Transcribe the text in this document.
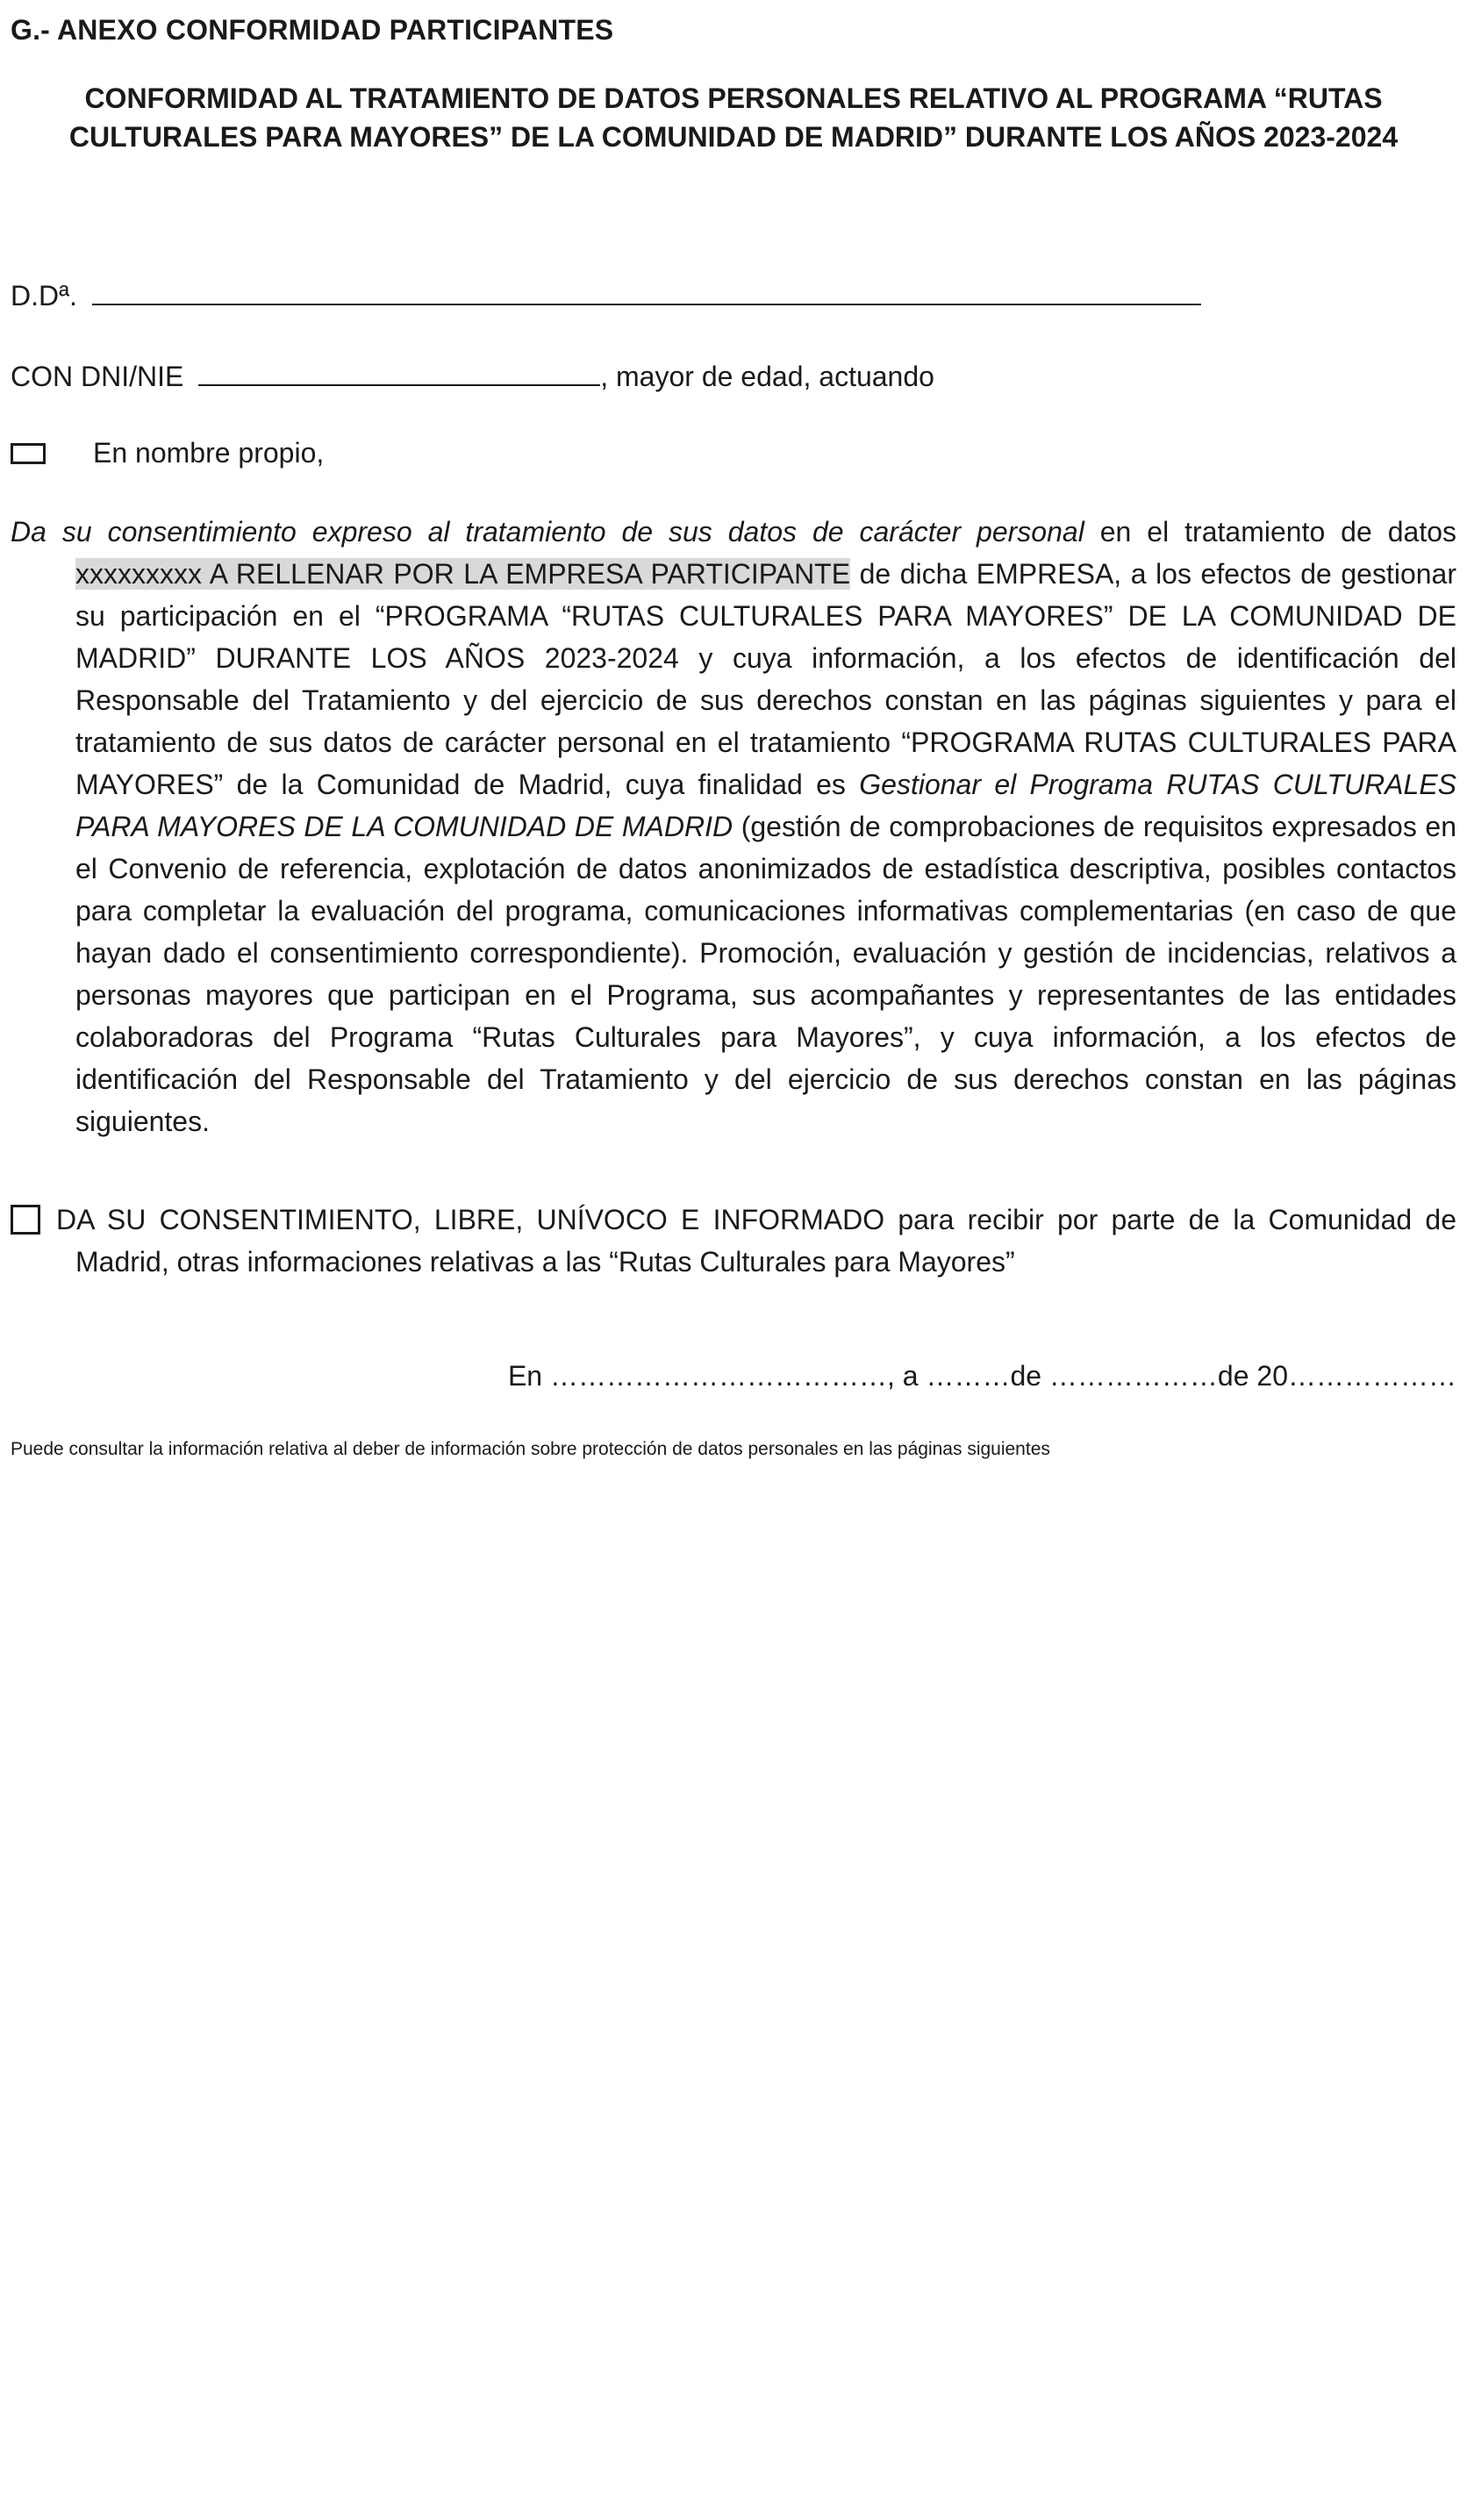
G.- ANEXO CONFORMIDAD PARTICIPANTES
CONFORMIDAD AL TRATAMIENTO DE DATOS PERSONALES RELATIVO AL PROGRAMA “RUTAS CULTURALES PARA MAYORES” DE LA COMUNIDAD DE MADRID” DURANTE LOS AÑOS 2023-2024
D.Dª.
CON DNI/NIE	, mayor de edad, actuando
En nombre propio,

Da su consentimiento expreso al tratamiento de sus datos de carácter personal en el tratamiento de datos xxxxxxxxx A RELLENAR POR LA EMPRESA PARTICIPANTE de dicha EMPRESA, a los efectos de gestionar su participación en el “PROGRAMA “RUTAS CULTURALES PARA MAYORES” DE LA COMUNIDAD DE MADRID” DURANTE LOS AÑOS 2023-2024 y cuya información, a los efectos de identificación del Responsable del Tratamiento y del ejercicio de sus derechos constan en las páginas siguientes y para el tratamiento de sus datos de carácter personal en el tratamiento “PROGRAMA RUTAS CULTURALES PARA MAYORES” de la Comunidad de Madrid, cuya finalidad es Gestionar el Programa RUTAS CULTURALES PARA MAYORES DE LA COMUNIDAD DE MADRID (gestión de comprobaciones de requisitos expresados en el Convenio de referencia, explotación de datos anonimizados de estadística descriptiva, posibles contactos para completar la evaluación del programa, comunicaciones informativas complementarias (en caso de que hayan dado el consentimiento correspondiente). Promoción, evaluación y gestión de incidencias, relativos a personas mayores que participan en el Programa, sus acompañantes y representantes de las entidades colaboradoras del Programa “Rutas Culturales para Mayores”, y cuya información, a los efectos de identificación del Responsable del Tratamiento y del ejercicio de sus derechos constan en las páginas siguientes.

DA SU CONSENTIMIENTO, LIBRE, UNÍVOCO E INFORMADO para recibir por parte de la Comunidad de Madrid, otras informaciones relativas a las “Rutas Culturales para Mayores”

En ………………………………, a ………de ………………de 20………………
Puede consultar la información relativa al deber de información sobre protección de datos personales en las páginas siguientes
